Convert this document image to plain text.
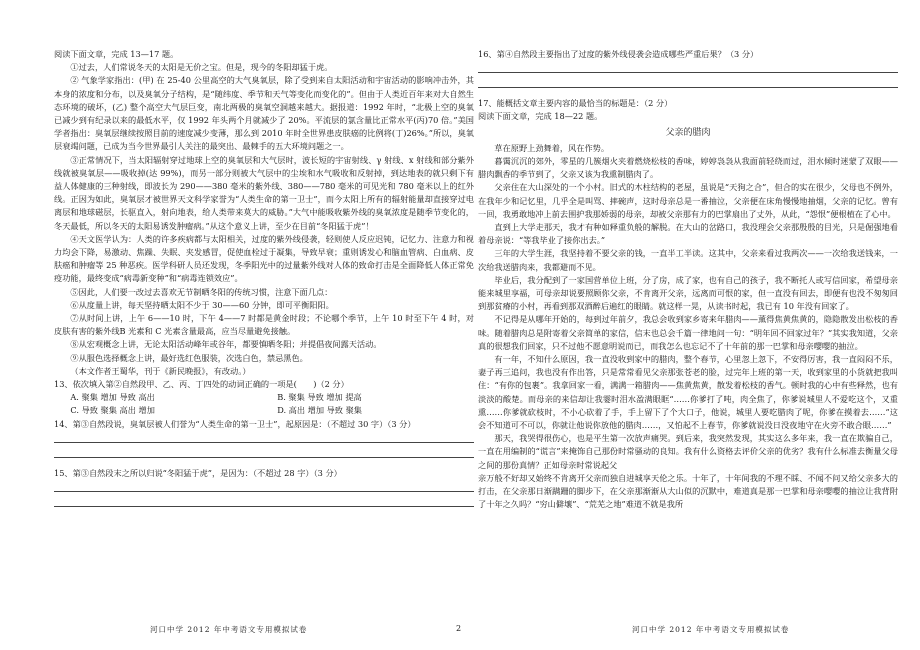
阅读下面文章，完成 13—17 题。

①过去，人们常说冬天的太阳是无价之宝。但是，现今的冬阳却猛于虎。

② 气象学家指出：(甲) 在 25-40 公里高空的大气臭氧层，除了受到来自太阳活动和宇宙活动的影响冲击外，其本身的浓度和分布，以及臭氧分子结构，是“随纬度、季节和天气等变化而变化的”。但由于人类近百年来对大自然生态环境的破坏，(乙) 整个高空大气层巨变，南北两极的臭氧空洞越来越大。据报道：1992 年时，“北极上空的臭氧已减少到有纪录以来的最低水平，仅 1992 年头两个月就减少了 20%。平流层的氯含量比正常水平(丙)70 倍。”美国学者指出：臭氧层继续按照目前的速度减少变薄，那么到 2010 年时全世界患皮肤癌的比例将(丁)26%。”所以，臭氧层衰竭问题，已成为当今世界最引人关注的最突出、最棘手的五大环境问题之一。

③正常情况下，当太阳辐射穿过地球上空的臭氧层和大气层时，波长短的宇宙射线、γ 射线、x 射线和部分紫外线就被臭氧层——吸收掉(达 99%)，而另一部分则被大气层中的尘埃和水气吸收和反射掉，到达地表的就只剩下有益人体健康的三种射线，即波长为 290——380 毫米的紫外线、380——780 毫米的可见光和 780 毫米以上的红外线。正因为如此，臭氧层才被世界天文科学家誉为“人类生命的第一卫士”，而今太阳上所有的辐射能量却直接穿过电离层和地球磁层，长驱直入，射向地表，给人类带来莫大的威胁。”大气中能吸收紫外线的臭氧浓度是随季节变化的，冬天最低，所以冬天的太阳易诱发肿瘤病。”从这个意义上讲，至少在目前“冬阳猛于虎”！

④天文医学认为：人类的许多疾病都与太阳相关，过度的紫外线侵袭，轻则使人反应迟钝，记忆力、注意力和视力均会下降，易激动、焦躁、失眠、夹发感冒，促使血栓过于凝集，导致早衰；重则诱发心和脑血管病、白血病、皮肤癌和肿瘤等 25 种恶疾。医学科研人员还发现，冬季阳光中的过量紫外线对人体的致命打击是全面降低人体正常免疫功能，最终变成“病毒新变种”和“病毒连锁效应”。

⑤因此，人们要一改过去喜欢无节制晒冬阳的传统习惯，注意下面几点：

⑥从度量上讲，每天坚持晒太阳不少于 30——60 分钟，即可平衡阳阳。

⑦从时间上讲，上午 6——10 时，下午 4——7 时都是黄金时段；不论哪个季节，上午 10 时至下午 4 时，对皮肤有害的紫外线B 光素和 C 光素含量最高，应当尽量避免接触。

⑧从宏观概念上讲，无论太阳活动峰年或谷年，都要慎晒冬阳；并提倡夜间露天活动。

⑨从服色选择概念上讲，最好选红色服装，次选白色，禁忌黑色。

（本文作者王蜀华，刊于《新民晚报》，有改动。）

13、依次填入第②自然段甲、乙、丙、丁四处的动词正确的一项是(　　)（2 分）

A. 聚集 增加 导致 高出	B. 聚集 导致 增加 提高
C. 导致 聚集 高出 增加	D. 高出 增加 导致 聚集

14、第③自然段说，臭氧层被人们誉为“人类生命的第一卫士”，起原因是：（不超过 30 字）（3 分）

15、第③自然段末之所以归说“冬阳猛于虎”，是因为：（不超过 28 字）（3 分）

16、第④自然段主要指出了过度的紫外线侵袭会造成哪些严重后果？（3 分）

17、能概括文章主要内容的最恰当的标题是：（2 分）

阅读下面文章，完成 18—22 题。

父亲的腊肉

草在原野上劲舞着，风在作势。

暮霭沉沉的郊外，零星的几簇烟火夹着燃烧松枝的香味，婷婷袅袅从我面前轻绕而过，泪水倾时迷蒙了双眼——腊肉飘香的季节到了，父亲又该为我熏制腊肉了。

父亲住在大山深处的一个小村。旧式的木柱结构的老屋，虽说是“天狗之合”，但合的实在很少，父母也不例外，在我年少和记忆里，几乎全是叫骂、摔碗声，这时母亲总是一番抽泣，父亲便在床角慢慢地抽烟，父亲的记忆。曾有一回，我勇敢地冲上前去围护我那娇弱的母亲，却被父亲那有力的巴掌扇出了丈外，从此，“怨恨”便根植在了心中。

直到上大学走那天，我才有种如释重负般的解脱。在大山的岔路口，我没理会父亲那殷殷的目光，只是倔强地看着母亲说：“等我毕业了接你出去。”

三年的大学生涯，我坚持着不要父亲的钱，一直半工半读。这其中，父亲来看过我两次——一次给我送钱来，一次给我送腊肉来，我都避而不见。

毕业后，我分配到了一家国营单位上班，分了房，成了家，也有自己的孩子，我不断托人或写信回家，希望母亲能来城里享福，可母亲却说要照顾你父亲，不肯离开父亲，远离而可恨的家，但一直没有回去，即便有也没不匆匆回到那贫瘠的小村，再看到那双酒醉后遍红的眼睛。就这样一晃，从读书时起，我已有 10 年没有回家了。

不记得是从哪年开始的，每到过年前夕，我总会收到家乡寄来年腊肉——薰得焦黄焦黄的，隐隐散发出松枝的香味。随着腊肉总是附寄着父亲简单的家信，信末也总会千篇一律地问一句：“明年回不回家过年？”其实我知道，父亲真的很想我们回家，只不过他不愿意明说而已，而我怎么也忘记不了十年前的那一巴掌和母亲嘤嘤的抽泣。

有一年，不知什么原因，我一直没收到家中的腊肉，整个春节，心里忽上忽下，不安得厉害，我一直闷闷不乐，妻子再三追问，我也没有作出答，只是常常看见父亲那张苍老的脸，过完年上班的第一天，收到家里的小货就把我叫住：“有你的包裹”。我拿回家一看，满满一箱腊肉——焦黄焦黄，散发着松枝的香气。顿时我的心中有些释然，也有淡淡的酸楚。而母亲的来信却让我霎时泪水盈满眼眶“……你爹打了吨，肉全焦了，你爹说城里人不爱吃这个，又重熏……你爹就砍枝时，不小心砍着了手，手上留下了个大口子，他说，城里人要吃腊肉了呢，你爹在摸着去……”这会不知道可不可以，你就让他说你放他的腊肉……，又怕起不上春节，你爹就说没日没夜地守在火旁不敢合眼……”

那天，我哭得很伤心，也是平生第一次放声痛哭。到后来，我突然发现，其实这么多年来，我一直在欺骗自己，一直在用编制的“谎言”来掩饰自己那份时常骚动的良知。我有什么资格去评价父亲的优劣？我有什么标准去衡量父母之间的那份真情？正如母亲时常说起父

亲万般不好却又始终不肯离开父亲而独自进城享天伦之乐。十年了，十年间我的不理不睬、不闻不问又给父亲多大的打击，在父亲那日渐蹒跚的脚步下，在父亲那渐渐从大山似的沉默中，难道真是那一巴掌和母亲嘤嘤的抽泣让我背附了十年之久吗？“穷山僻壤”、“荒芜之地”难道不就是我所

河口中学 2012 年中考语文专用模拟试卷	2	河口中学 2012 年中考语文专用模拟试卷
